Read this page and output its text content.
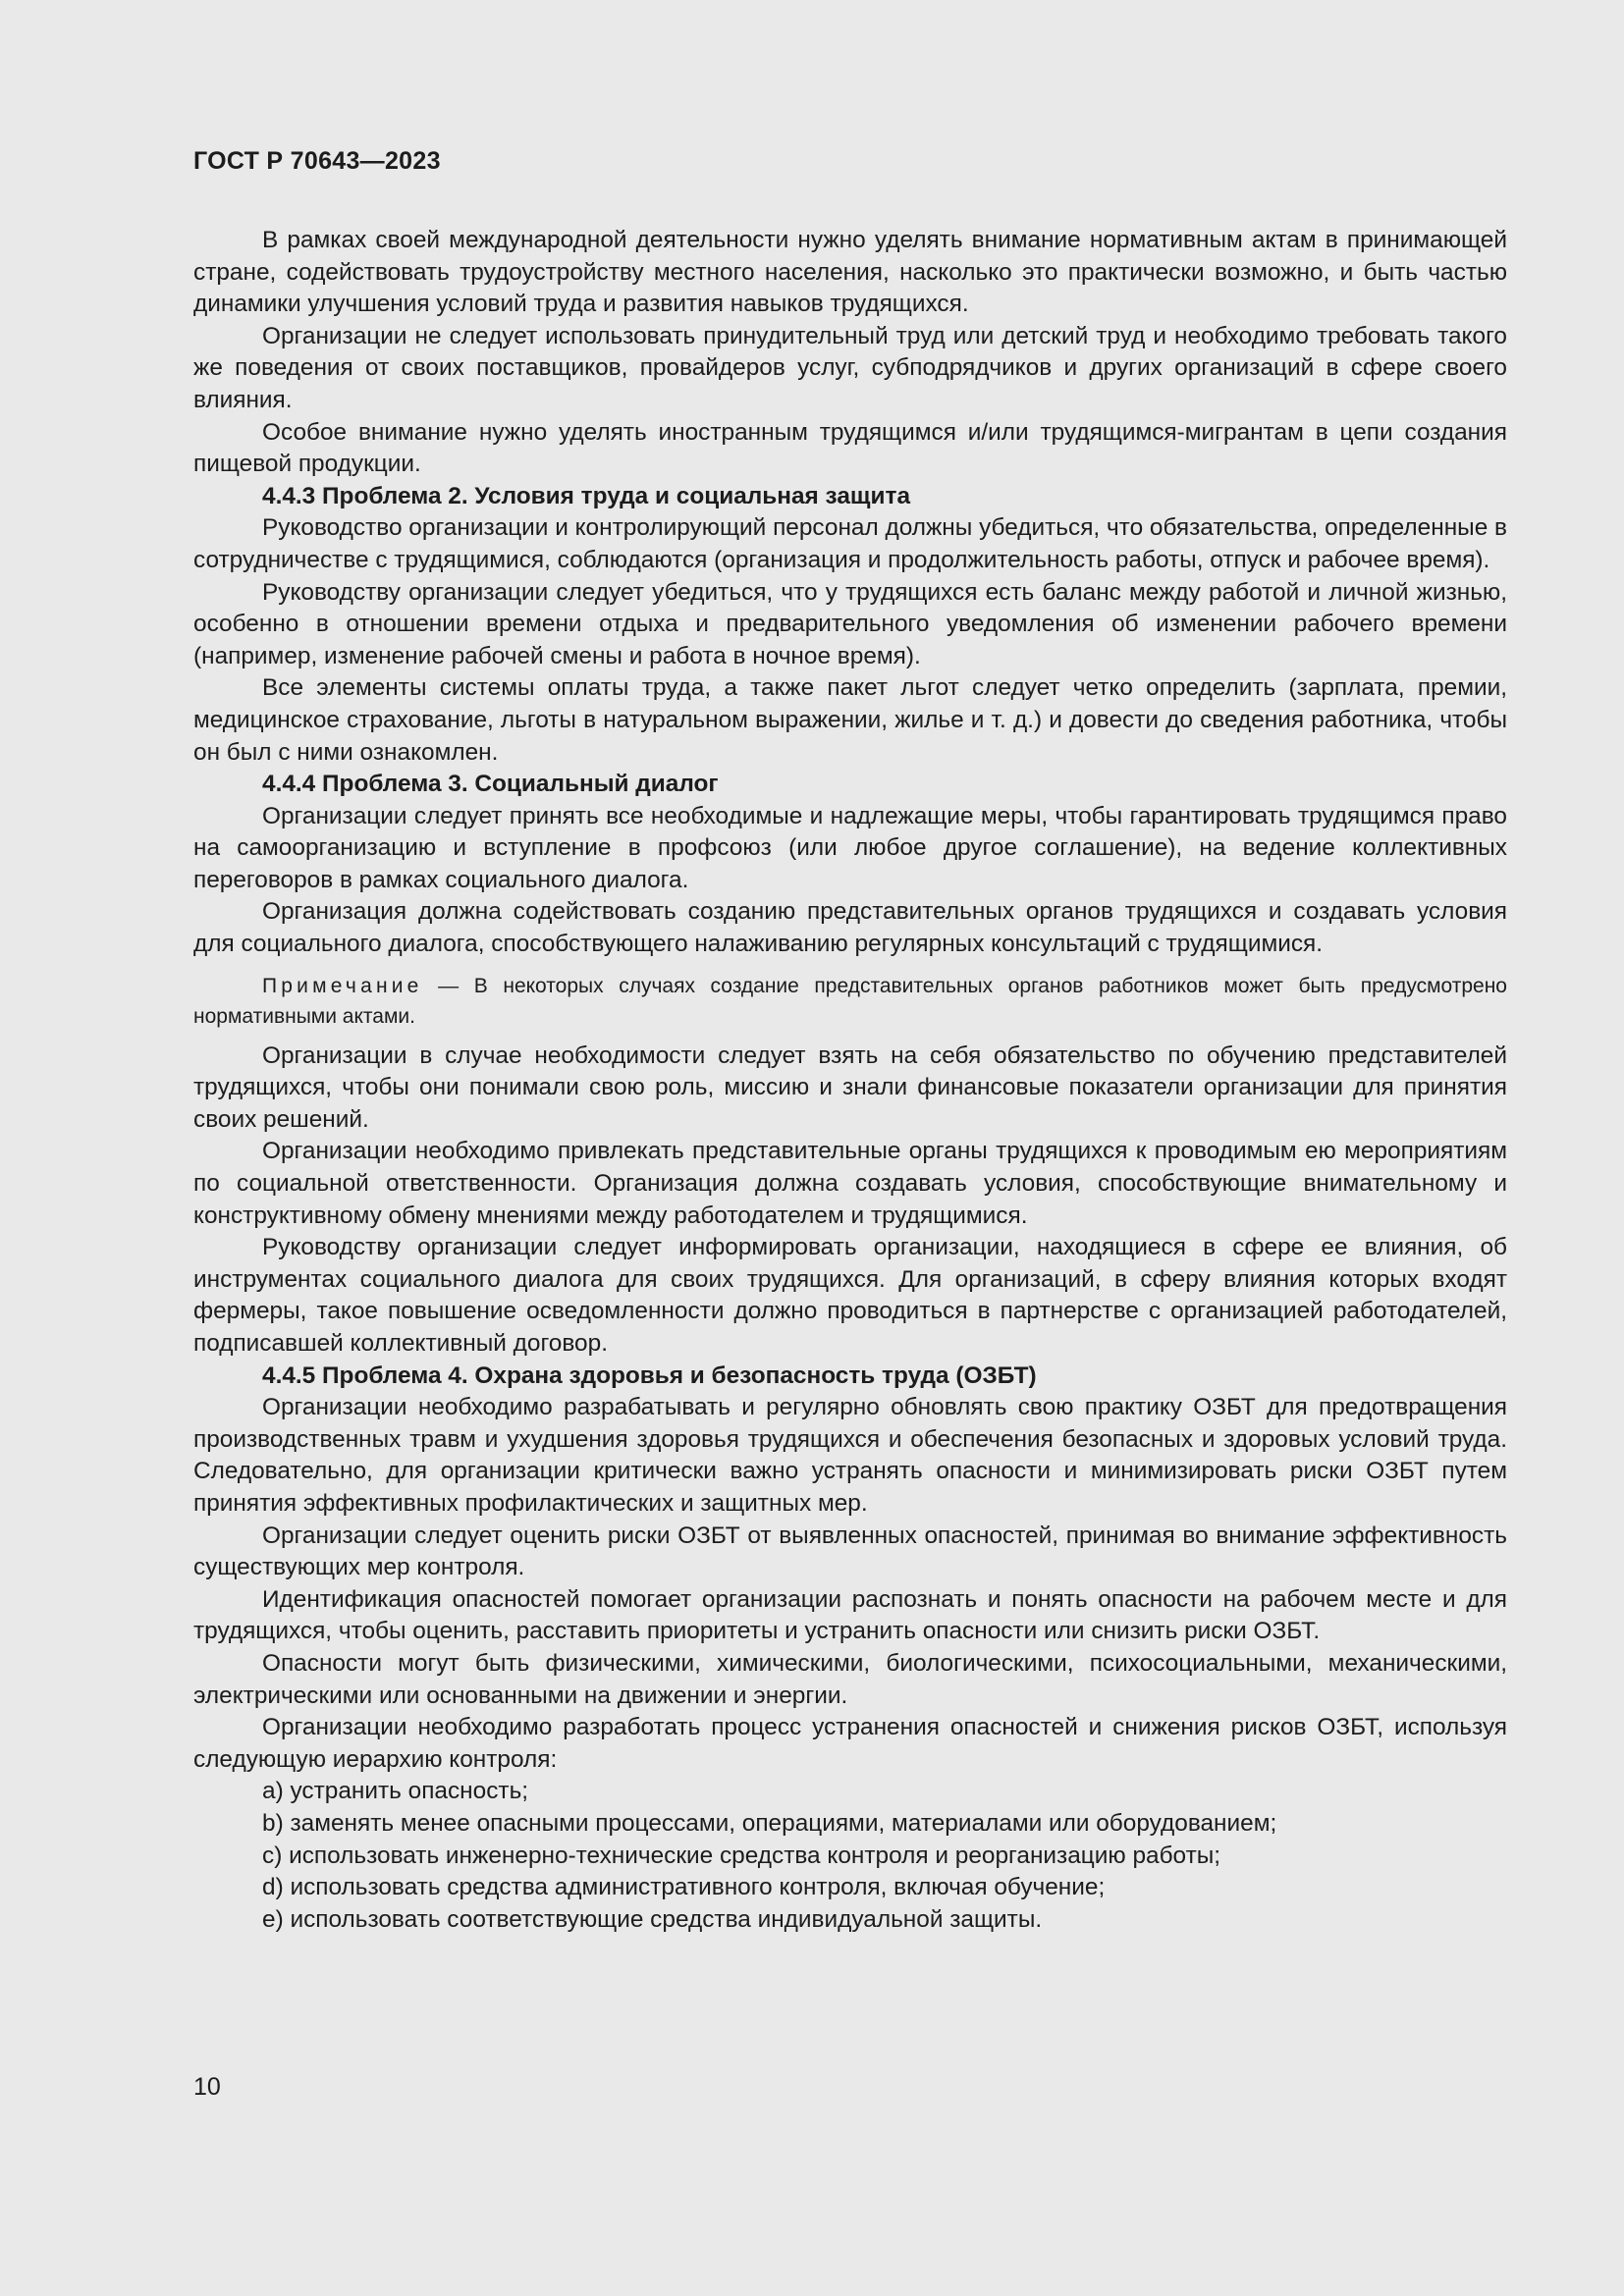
ГОСТ Р 70643—2023

В рамках своей международной деятельности нужно уделять внимание нормативным актам в принимающей стране, содействовать трудоустройству местного населения, насколько это практически возможно, и быть частью динамики улучшения условий труда и развития навыков трудящихся.

Организации не следует использовать принудительный труд или детский труд и необходимо требовать такого же поведения от своих поставщиков, провайдеров услуг, субподрядчиков и других организаций в сфере своего влияния.

Особое внимание нужно уделять иностранным трудящимся и/или трудящимся-мигрантам в цепи создания пищевой продукции.

4.4.3 Проблема 2. Условия труда и социальная защита

Руководство организации и контролирующий персонал должны убедиться, что обязательства, определенные в сотрудничестве с трудящимися, соблюдаются (организация и продолжительность работы, отпуск и рабочее время).

Руководству организации следует убедиться, что у трудящихся есть баланс между работой и личной жизнью, особенно в отношении времени отдыха и предварительного уведомления об изменении рабочего времени (например, изменение рабочей смены и работа в ночное время).

Все элементы системы оплаты труда, а также пакет льгот следует четко определить (зарплата, премии, медицинское страхование, льготы в натуральном выражении, жилье и т. д.) и довести до сведения работника, чтобы он был с ними ознакомлен.

4.4.4 Проблема 3. Социальный диалог

Организации следует принять все необходимые и надлежащие меры, чтобы гарантировать трудящимся право на самоорганизацию и вступление в профсоюз (или любое другое соглашение), на ведение коллективных переговоров в рамках социального диалога.

Организация должна содействовать созданию представительных органов трудящихся и создавать условия для социального диалога, способствующего налаживанию регулярных консультаций с трудящимися.

Примечание — В некоторых случаях создание представительных органов работников может быть предусмотрено нормативными актами.

Организации в случае необходимости следует взять на себя обязательство по обучению представителей трудящихся, чтобы они понимали свою роль, миссию и знали финансовые показатели организации для принятия своих решений.

Организации необходимо привлекать представительные органы трудящихся к проводимым ею мероприятиям по социальной ответственности. Организация должна создавать условия, способствующие внимательному и конструктивному обмену мнениями между работодателем и трудящимися.

Руководству организации следует информировать организации, находящиеся в сфере ее влияния, об инструментах социального диалога для своих трудящихся. Для организаций, в сферу влияния которых входят фермеры, такое повышение осведомленности должно проводиться в партнерстве с организацией работодателей, подписавшей коллективный договор.

4.4.5 Проблема 4. Охрана здоровья и безопасность труда (ОЗБТ)

Организации необходимо разрабатывать и регулярно обновлять свою практику ОЗБТ для предотвращения производственных травм и ухудшения здоровья трудящихся и обеспечения безопасных и здоровых условий труда. Следовательно, для организации критически важно устранять опасности и минимизировать риски ОЗБТ путем принятия эффективных профилактических и защитных мер.

Организации следует оценить риски ОЗБТ от выявленных опасностей, принимая во внимание эффективность существующих мер контроля.

Идентификация опасностей помогает организации распознать и понять опасности на рабочем месте и для трудящихся, чтобы оценить, расставить приоритеты и устранить опасности или снизить риски ОЗБТ.

Опасности могут быть физическими, химическими, биологическими, психосоциальными, механическими, электрическими или основанными на движении и энергии.

Организации необходимо разработать процесс устранения опасностей и снижения рисков ОЗБТ, используя следующую иерархию контроля:

a) устранить опасность;

b) заменять менее опасными процессами, операциями, материалами или оборудованием;

c) использовать инженерно-технические средства контроля и реорганизацию работы;

d) использовать средства административного контроля, включая обучение;

e) использовать соответствующие средства индивидуальной защиты.

10
